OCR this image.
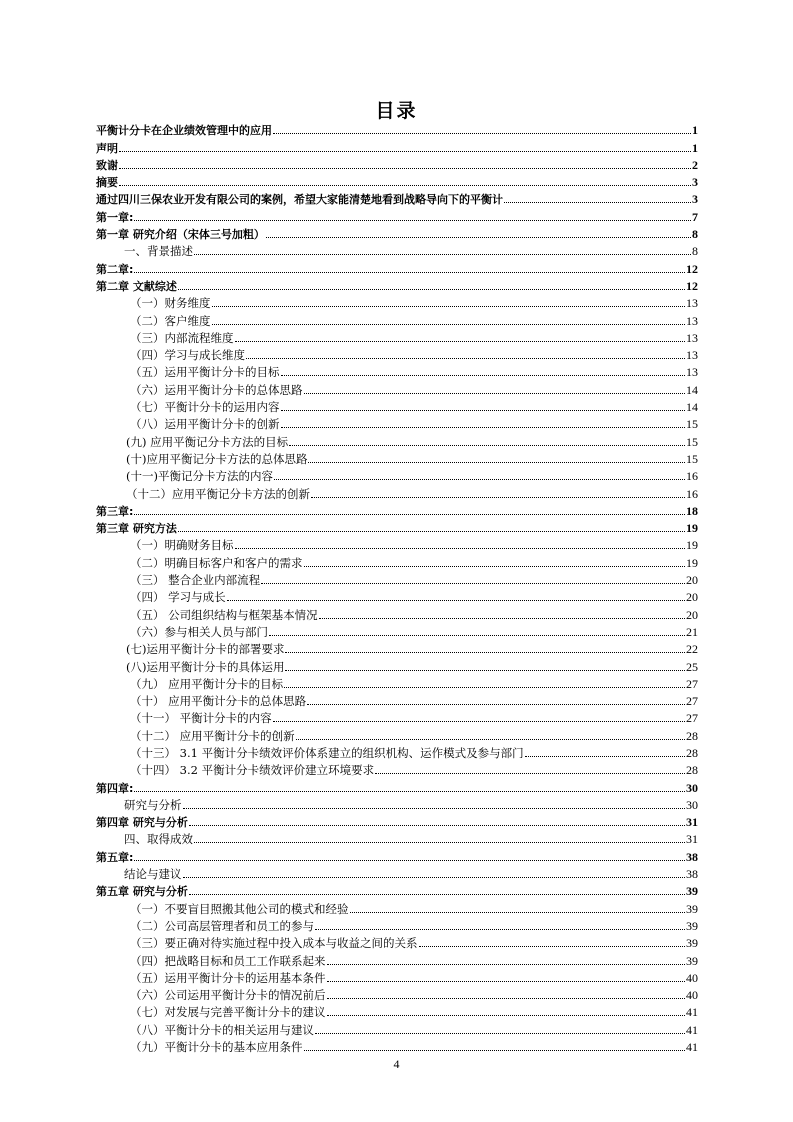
目录
平衡计分卡在企业绩效管理中的应用	1
声明	1
致谢	2
摘要	3
通过四川三保农业开发有限公司的案例，希望大家能清楚地看到战略导向下的平衡计	3
第一章:	7
第一章 研究介绍（宋体三号加粗）	8
一、背景描述	8
第二章:	12
第二章 文献综述	12
（一）财务维度	13
（二）客户维度	13
（三）内部流程维度	13
（四）学习与成长维度	13
（五）运用平衡计分卡的目标	13
（六）运用平衡计分卡的总体思路	14
（七）平衡计分卡的运用内容	14
（八）运用平衡计分卡的创新	15
(九) 应用平衡记分卡方法的目标	15
(十)应用平衡记分卡方法的总体思路	15
(十一)平衡记分卡方法的内容	16
（十二）应用平衡记分卡方法的创新	16
第三章:	18
第三章 研究方法	19
（一）明确财务目标	19
（二）明确目标客户和客户的需求	19
（三） 整合企业内部流程	20
（四） 学习与成长	20
（五） 公司组织结构与框架基本情况	20
（六）参与相关人员与部门	21
(七)运用平衡计分卡的部署要求	22
(八)运用平衡计分卡的具体运用	25
（九） 应用平衡计分卡的目标	27
（十） 应用平衡计分卡的总体思路	27
（十一） 平衡计分卡的内容	27
（十二） 应用平衡计分卡的创新	28
（十三） 3.1 平衡计分卡绩效评价体系建立的组织机构、运作模式及参与部门	28
（十四） 3.2 平衡计分卡绩效评价建立环境要求	28
第四章:	30
研究与分析	30
第四章 研究与分析	31
四、取得成效	31
第五章:	38
结论与建议	38
第五章 研究与分析	39
（一）不要盲目照搬其他公司的模式和经验	39
（二）公司高层管理者和员工的参与	39
（三）要正确对待实施过程中投入成本与收益之间的关系	39
（四）把战略目标和员工工作联系起来	39
（五）运用平衡计分卡的运用基本条件	40
（六）公司运用平衡计分卡的情况前后	40
（七）对发展与完善平衡计分卡的建议	41
（八）平衡计分卡的相关运用与建议	41
（九）平衡计分卡的基本应用条件	41
4
